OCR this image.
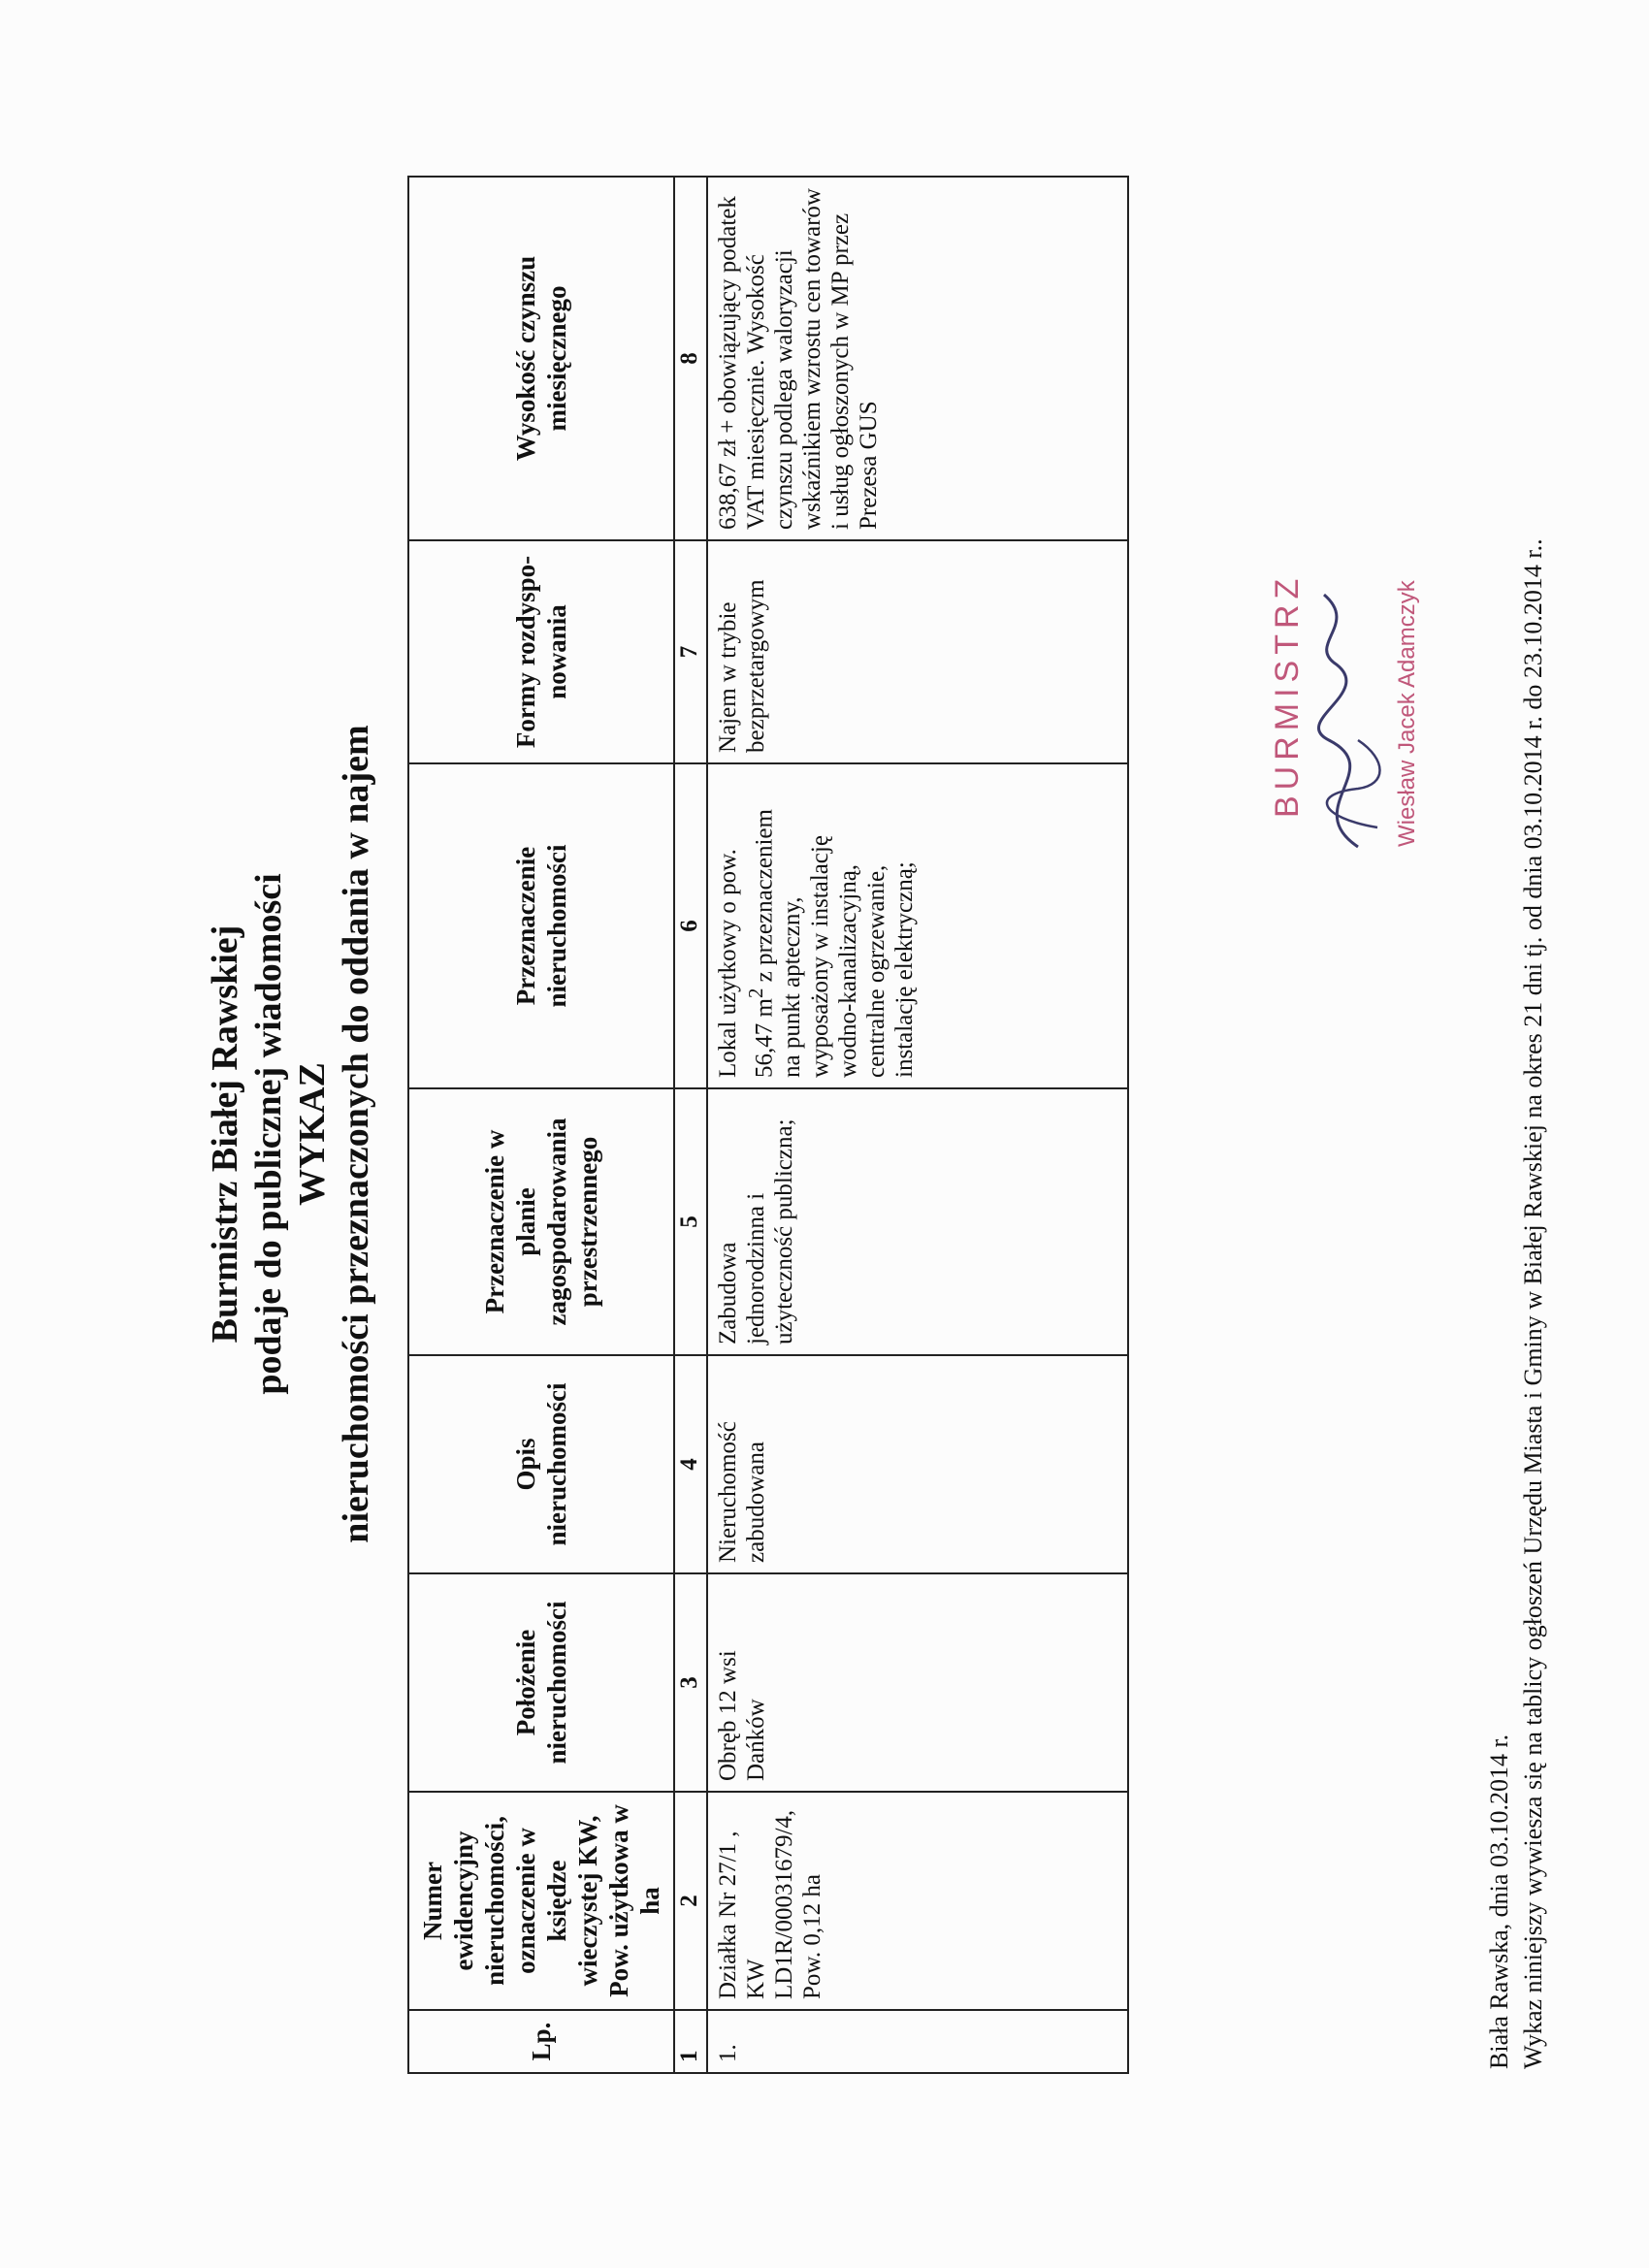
Burmistrz Białej Rawskiej podaje do publicznej wiadomości WYKAZ nieruchomości przeznaczonych do oddania w najem
Lp.	Numer ewidencyjny nieruchomości, oznaczenie w księdze wieczystej KW, Pow. użytkowa w ha	Położenie nieruchomości	Opis nieruchomości	Przeznaczenie w planie zagospodarowania przestrzennego	Przeznaczenie nieruchomości	Formy rozdyspo-nowania	Wysokość czynszu miesięcznego
1	2	3	4	5	6	7	8
1.	Działka Nr 27/1 , KW LD1R/00031679/4, Pow. 0,12 ha	Obręb 12 wsi Dańków	Nieruchomość zabudowana	Zabudowa jednorodzinna i użyteczność publiczna;	Lokal użytkowy o pow. 56,47 $m^2$ z przeznaczeniem na punkt apteczny, wyposażony w instalację wodno-kanalizacyjną, centralne ogrzewanie, instalację elektryczną;	Najem w trybie bezprzetargowym	638,67 zł + obowiązujący podatek VAT miesięcznie. Wysokość czynszu podlega waloryzacji wskaźnikiem wzrostu cen towarów i usług ogłoszonych w MP przez Prezesa GUS
Biała Rawska, dnia 03.10.2014 r. Wykaz niniejszy wywiesza się na tablicy ogłoszeń Urzędu Miasta i Gminy w Białej Rawskiej na okres 21 dni tj. od dnia 03.10.2014 r. do 23.10.2014 r..
BURMISTRZ	Wiesław Jacek Adamczyk
